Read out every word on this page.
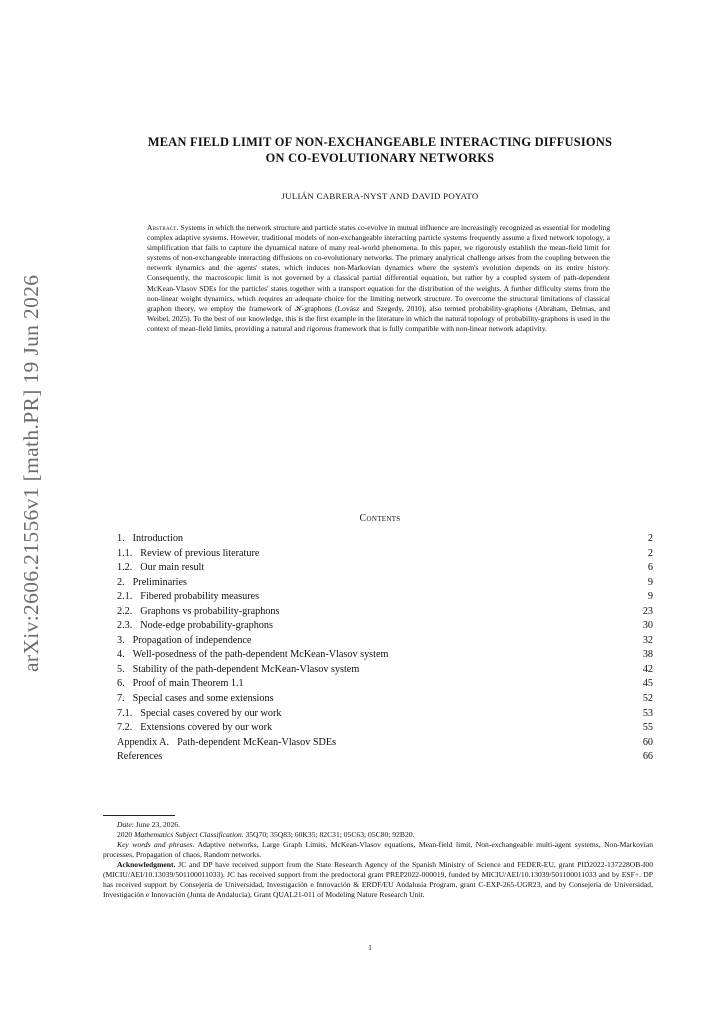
arXiv:2606.21556v1 [math.PR] 19 Jun 2026
MEAN FIELD LIMIT OF NON-EXCHANGEABLE INTERACTING DIFFUSIONS
ON CO-EVOLUTIONARY NETWORKS
JULIÁN CABRERA-NYST AND DAVID POYATO
Abstract. Systems in which the network structure and particle states co-evolve in mutual influence are increasingly recognized as essential for modeling complex adaptive systems. However, traditional models of non-exchangeable interacting particle systems frequently assume a fixed network topology, a simplification that fails to capture the dynamical nature of many real-world phenomena. In this paper, we rigorously establish the mean-field limit for systems of non-exchangeable interacting diffusions on co-evolutionary networks. The primary analytical challenge arises from the coupling between the network dynamics and the agents' states, which induces non-Markovian dynamics where the system's evolution depends on its entire history. Consequently, the macroscopic limit is not governed by a classical partial differential equation, but rather by a coupled system of path-dependent McKean-Vlasov SDEs for the particles' states together with a transport equation for the distribution of the weights. A further difficulty stems from the non-linear weight dynamics, which requires an adequate choice for the limiting network structure. To overcome the structural limitations of classical graphon theory, we employ the framework of 𝒦-graphons (Lovász and Szegedy, 2010), also termed probability-graphons (Abraham, Delmas, and Weibel, 2025). To the best of our knowledge, this is the first example in the literature in which the natural topology of probability-graphons is used in the context of mean-field limits, providing a natural and rigorous framework that is fully compatible with non-linear network adaptivity.
Contents
1. Introduction	2
1.1. Review of previous literature	2
1.2. Our main result	6
2. Preliminaries	9
2.1. Fibered probability measures	9
2.2. Graphons vs probability-graphons	23
2.3. Node-edge probability-graphons	30
3. Propagation of independence	32
4. Well-posedness of the path-dependent McKean-Vlasov system	38
5. Stability of the path-dependent McKean-Vlasov system	42
6. Proof of main Theorem 1.1	45
7. Special cases and some extensions	52
7.1. Special cases covered by our work	53
7.2. Extensions covered by our work	55
Appendix A. Path-dependent McKean-Vlasov SDEs	60
References	66

Date: June 23, 2026.

2020 Mathematics Subject Classification. 35Q70; 35Q83; 60K35; 82C31; 05C63; 05C80; 92B20.

Key words and phrases. Adaptive networks, Large Graph Limits, McKean-Vlasov equations, Mean-field limit, Non-exchangeable multi-agent systems, Non-Markovian processes, Propagation of chaos, Random networks.

Acknowledgment. JC and DP have received support from the State Research Agency of the Spanish Ministry of Science and FEDER-EU, grant PID2022-137228OB-I00 (MICIU/AEI/10.13039/501100011033). JC has received support from the predoctoral grant PREP2022-000019, funded by MICIU/AEI/10.13039/501100011033 and by ESF+. DP has received support by Consejería de Universidad, Investigación e Innovación & ERDF/EU Andalusia Program, grant C-EXP-265-UGR23, and by Consejería de Universidad, Investigación e Innovación (Junta de Andalucía), Grant QUAL21-011 of Modeling Nature Research Unit.

1
